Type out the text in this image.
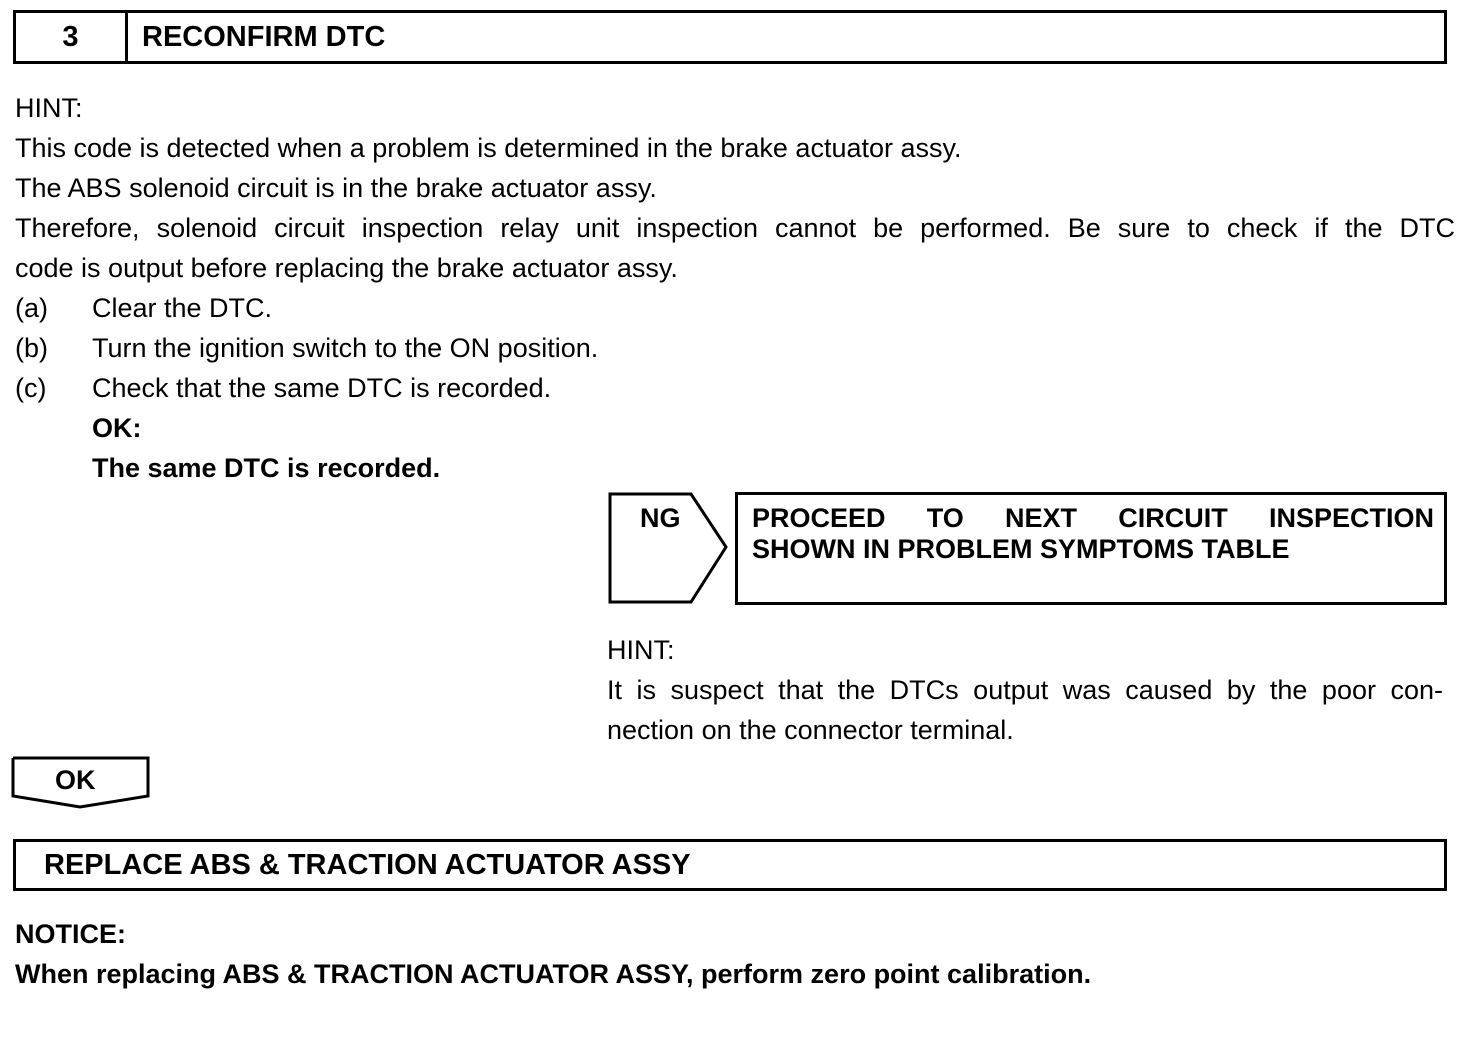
3	RECONFIRM DTC
HINT:
This code is detected when a problem is determined in the brake actuator assy.
The ABS solenoid circuit is in the brake actuator assy.
Therefore, solenoid circuit inspection relay unit inspection cannot be performed. Be sure to check if the DTC
code is output before replacing the brake actuator assy.
(a) Clear the DTC.
(b) Turn the ignition switch to the ON position.
(c) Check that the same DTC is recorded.
OK:
The same DTC is recorded.
NG	PROCEED TO NEXT CIRCUIT INSPECTION
SHOWN IN PROBLEM SYMPTOMS TABLE
HINT:
It is suspect that the DTCs output was caused by the poor con-
nection on the connector terminal.
OK
REPLACE ABS & TRACTION ACTUATOR ASSY
NOTICE:
When replacing ABS & TRACTION ACTUATOR ASSY, perform zero point calibration.
